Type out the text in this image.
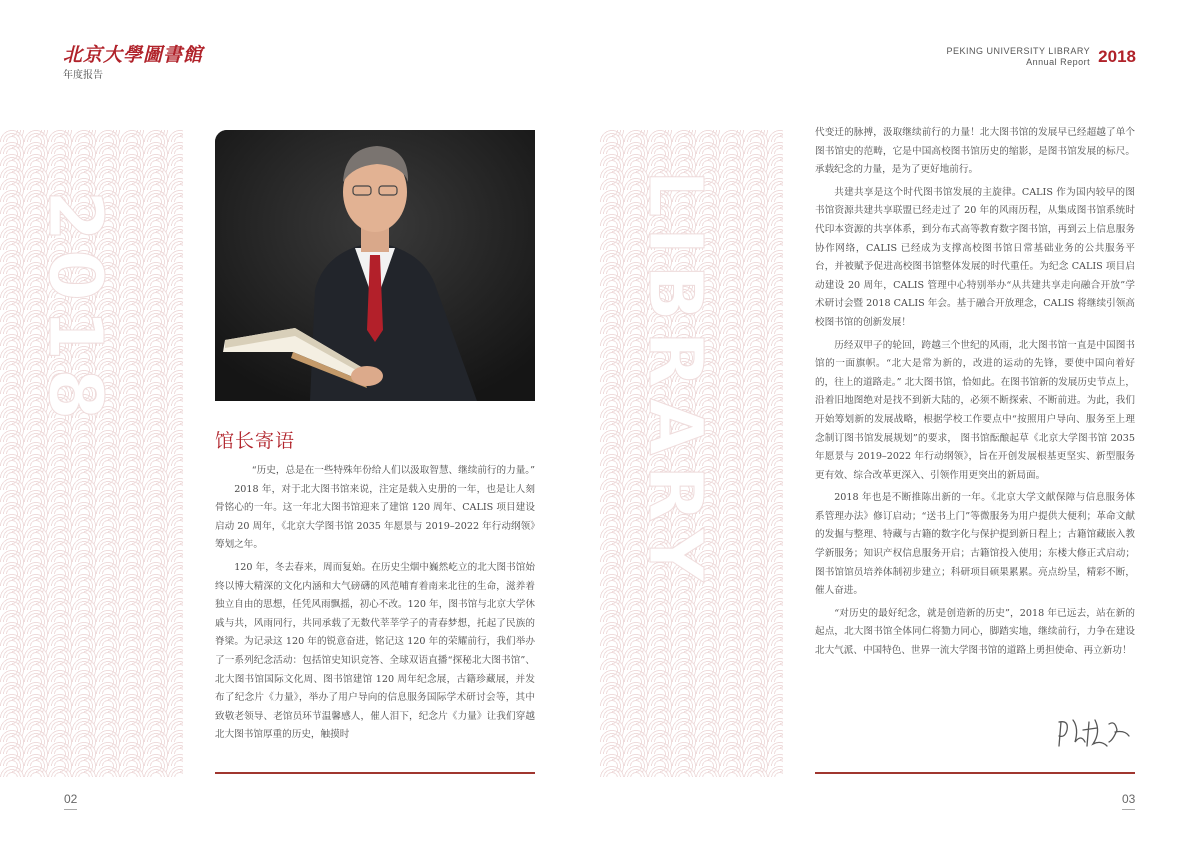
北京大學圖書館
年度报告
PEKING UNIVERSITY LIBRARY
Annual Report 2018
2018
馆长寄语

“历史，总是在一些特殊年份给人们以汲取智慧、继续前行的力量。”

2018 年，对于北大图书馆来说，注定是载入史册的一年，也是让人刻骨铭心的一年。这一年北大图书馆迎来了建馆 120 周年、CALIS 项目建设启动 20 周年，《北京大学图书馆 2035 年愿景与 2019–2022 年行动纲领》筹划之年。

120 年，冬去春来，周而复始。在历史尘烟中巍然屹立的北大图书馆始终以博大精深的文化内涵和大气磅礴的风范哺育着南来北往的生命，滋养着独立自由的思想，任凭风雨飘摇，初心不改。120 年，图书馆与北京大学休戚与共，风雨同行，共同承载了无数代莘莘学子的青春梦想，托起了民族的脊梁。为记录这 120 年的锐意奋进，铭记这 120 年的荣耀前行，我们举办了一系列纪念活动：包括馆史知识竞答、全球双语直播“探秘北大图书馆”、北大图书馆国际文化周、图书馆建馆 120 周年纪念展，古籍珍藏展，并发布了纪念片《力量》，举办了用户导向的信息服务国际学术研讨会等，其中致敬老领导、老馆员环节温馨感人，催人泪下，纪念片《力量》让我们穿越北大图书馆厚重的历史，触摸时

02
LIBRARY

代变迁的脉搏，汲取继续前行的力量！北大图书馆的发展早已经超越了单个图书馆史的范畴，它是中国高校图书馆历史的缩影，是图书馆发展的标尺。承载纪念的力量，是为了更好地前行。

共建共享是这个时代图书馆发展的主旋律。CALIS 作为国内较早的图书馆资源共建共享联盟已经走过了 20 年的风雨历程，从集成图书馆系统时代印本资源的共享体系，到分布式高等教育数字图书馆，再到云上信息服务协作网络，CALIS 已经成为支撑高校图书馆日常基础业务的公共服务平台，并被赋予促进高校图书馆整体发展的时代重任。为纪念 CALIS 项目启动建设 20 周年，CALIS 管理中心特别举办“从共建共享走向融合开放”学术研讨会暨 2018 CALIS 年会。基于融合开放理念，CALIS 将继续引领高校图书馆的创新发展！

历经双甲子的轮回，跨越三个世纪的风雨，北大图书馆一直是中国图书馆的一面旗帜。“北大是常为新的，改进的运动的先锋，要使中国向着好的，往上的道路走。” 北大图书馆，恰如此。在图书馆新的发展历史节点上，沿着旧地图绝对是找不到新大陆的，必须不断探索、不断前进。为此，我们开始筹划新的发展战略，根据学校工作要点中“按照用户导向、服务至上理念制订图书馆发展规划”的要求， 图书馆酝酿起草《北京大学图书馆 2035 年愿景与 2019–2022 年行动纲领》，旨在开创发展根基更坚实、新型服务更有效、综合改革更深入、引领作用更突出的新局面。

2018 年也是不断推陈出新的一年。《北京大学文献保障与信息服务体系管理办法》修订启动；“送书上门”等微服务为用户提供大便利；革命文献的发掘与整理、特藏与古籍的数字化与保护提到新日程上；古籍馆藏嵌入教学新服务；知识产权信息服务开启；古籍馆投入使用；东楼大修正式启动；图书馆馆员培养体制初步建立；科研项目硕果累累。亮点纷呈，精彩不断，催人奋进。

“对历史的最好纪念，就是创造新的历史”，2018 年已远去，站在新的起点，北大图书馆全体同仁将勠力同心，脚踏实地，继续前行，力争在建设北大气派、中国特色、世界一流大学图书馆的道路上勇担使命、再立新功！

03
